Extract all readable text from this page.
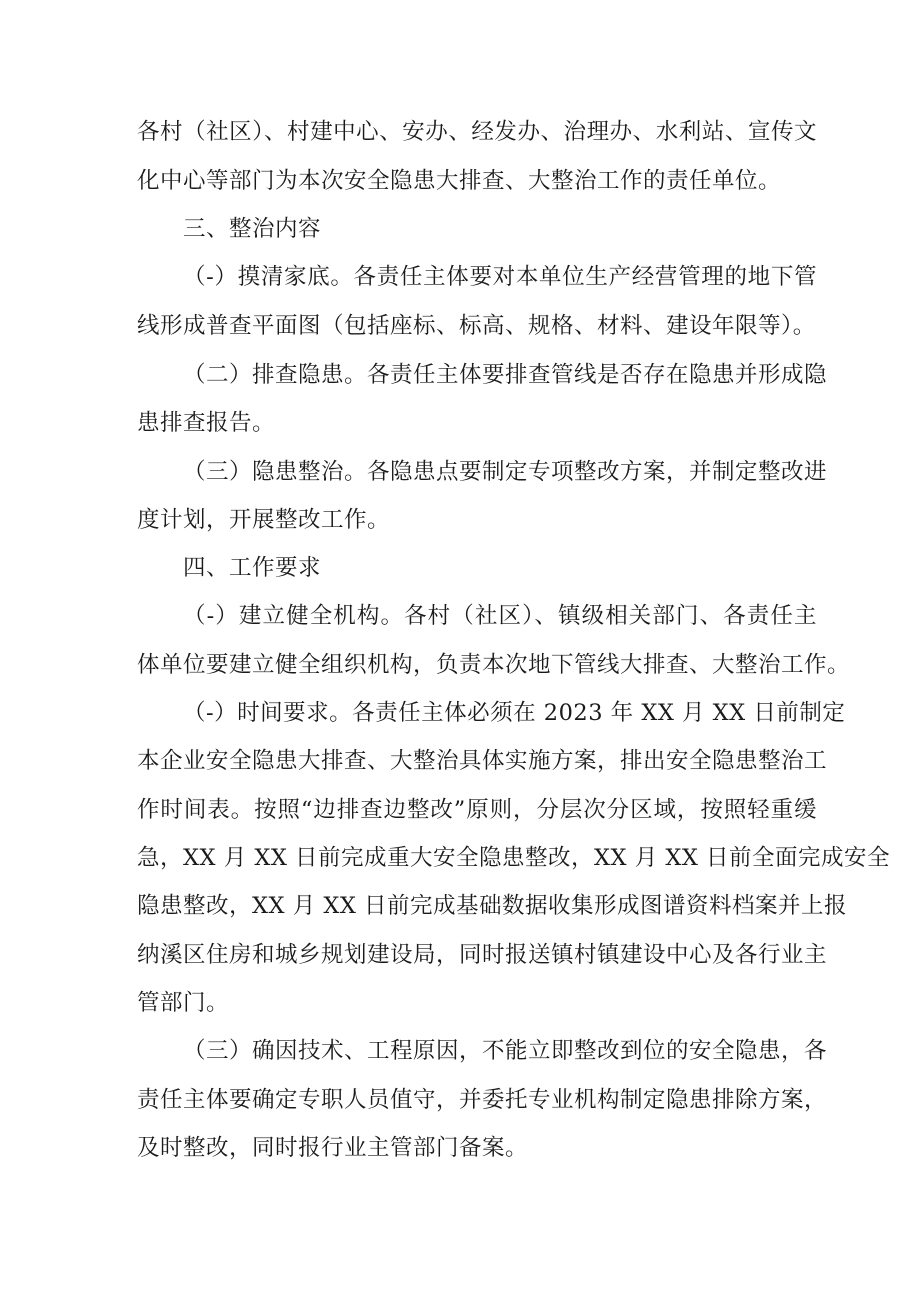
各村（社区）、村建中心、安办、经发办、治理办、水利站、宣传文
化中心等部门为本次安全隐患大排查、大整治工作的责任单位。
三、整治内容
（-）摸清家底。各责任主体要对本单位生产经营管理的地下管
线形成普查平面图（包括座标、标高、规格、材料、建设年限等）。
（二）排查隐患。各责任主体要排查管线是否存在隐患并形成隐
患排查报告。
（三）隐患整治。各隐患点要制定专项整改方案，并制定整改进
度计划，开展整改工作。
四、工作要求
（-）建立健全机构。各村（社区）、镇级相关部门、各责任主
体单位要建立健全组织机构，负责本次地下管线大排查、大整治工作。
（-）时间要求。各责任主体必须在 2023 年 XX 月 XX 日前制定
本企业安全隐患大排查、大整治具体实施方案，排出安全隐患整治工
作时间表。按照“边排查边整改”原则，分层次分区域，按照轻重缓
急，XX 月 XX 日前完成重大安全隐患整改，XX 月 XX 日前全面完成安全
隐患整改，XX 月 XX 日前完成基础数据收集形成图谱资料档案并上报
纳溪区住房和城乡规划建设局，同时报送镇村镇建设中心及各行业主
管部门。
（三）确因技术、工程原因，不能立即整改到位的安全隐患，各
责任主体要确定专职人员值守，并委托专业机构制定隐患排除方案，
及时整改，同时报行业主管部门备案。
